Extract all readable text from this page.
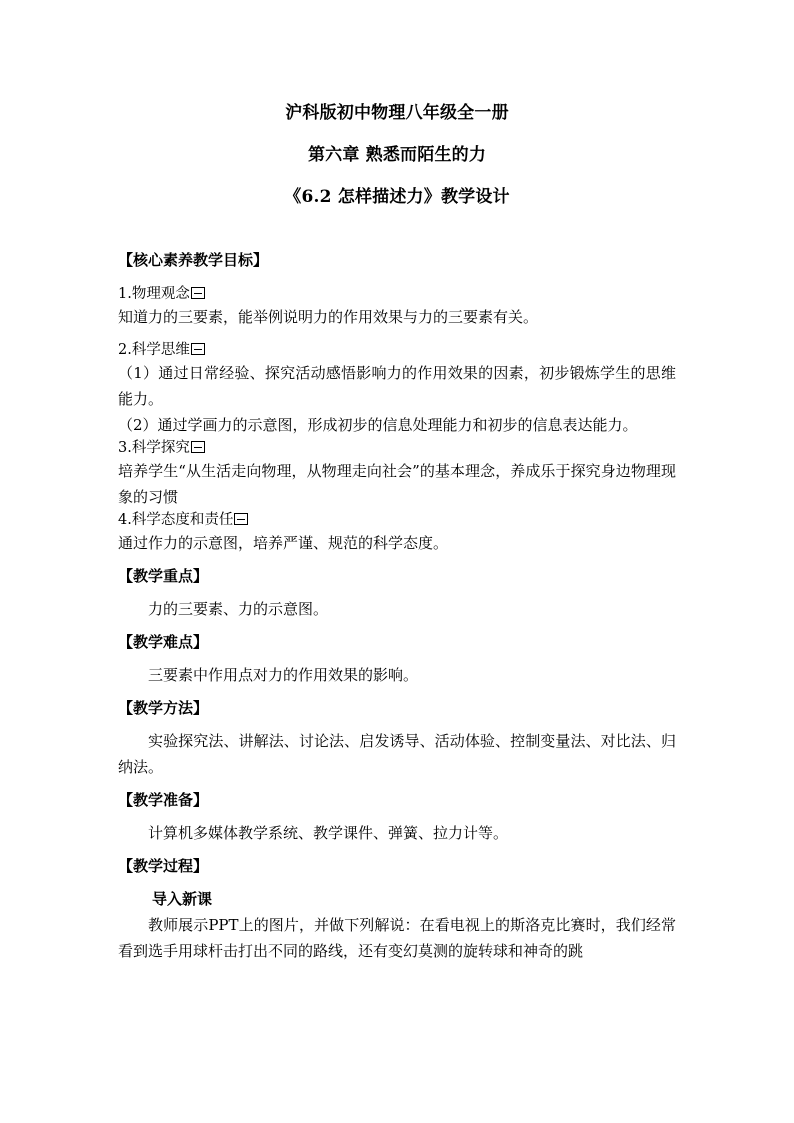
沪科版初中物理八年级全一册

第六章 熟悉而陌生的力

《6.2 怎样描述力》教学设计

【核心素养教学目标】

1.物理观念

知道力的三要素，能举例说明力的作用效果与力的三要素有关。

2.科学思维

（1）通过日常经验、探究活动感悟影响力的作用效果的因素，初步锻炼学生的思维能力。

（2）通过学画力的示意图，形成初步的信息处理能力和初步的信息表达能力。

3.科学探究

培养学生“从生活走向物理，从物理走向社会”的基本理念，养成乐于探究身边物理现象的习惯

4.科学态度和责任

通过作力的示意图，培养严谨、规范的科学态度。

【教学重点】

力的三要素、力的示意图。

【教学难点】

三要素中作用点对力的作用效果的影响。

【教学方法】

实验探究法、讲解法、讨论法、启发诱导、活动体验、控制变量法、对比法、归纳法。

【教学准备】

计算机多媒体教学系统、教学课件、弹簧、拉力计等。

【教学过程】

导入新课

教师展示PPT上的图片，并做下列解说：在看电视上的斯洛克比赛时，我们经常看到选手用球杆击打出不同的路线，还有变幻莫测的旋转球和神奇的跳
